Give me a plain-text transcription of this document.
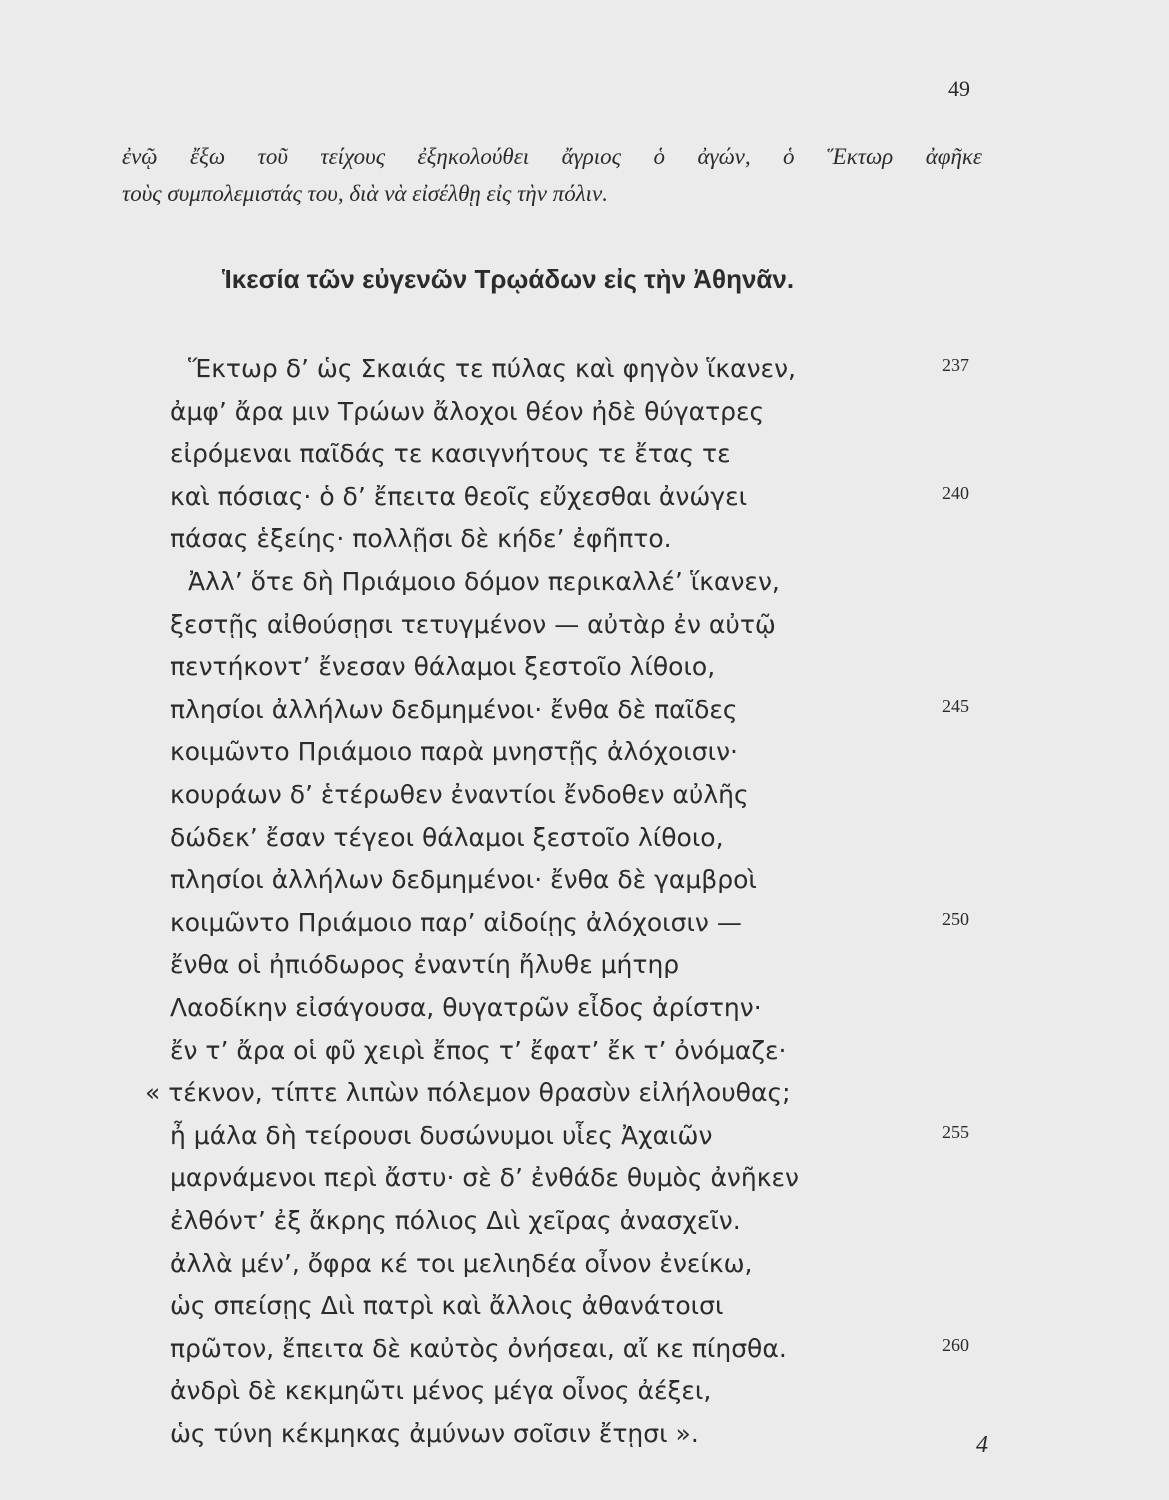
49
ἐνῷ ἔξω τοῦ τείχους ἐξηκολούθει ἄγριος ὁ ἀγών, ὁ Ἕκτωρ ἀφῆκε
τοὺς συμπολεμιστάς του, διὰ νὰ εἰσέλθῃ εἰς τὴν πόλιν.
Ἱκεσία τῶν εὐγενῶν Τρῳάδων εἰς τὴν Ἀθηνᾶν.
Ἕκτωρ δ’ ὡς Σκαιάς τε πύλας καὶ φηγὸν ἵκανεν,	237
ἀμφ’ ἄρα μιν Τρώων ἄλοχοι θέον ἠδὲ θύγατρες
εἰρόμεναι παῖδάς τε κασιγνήτους τε ἔτας τε
καὶ πόσιας· ὁ δ’ ἔπειτα θεοῖς εὔχεσθαι ἀνώγει	240
πάσας ἑξείης· πολλῇσι δὲ κήδε’ ἐφῆπτο.
Ἀλλ’ ὅτε δὴ Πριάμοιο δόμον περικαλλέ’ ἵκανεν,
ξεστῇς αἰθούσῃσι τετυγμένον — αὐτὰρ ἐν αὐτῷ
πεντήκοντ’ ἔνεσαν θάλαμοι ξεστοῖο λίθοιο,
πλησίοι ἀλλήλων δεδμημένοι· ἔνθα δὲ παῖδες	245
κοιμῶντο Πριάμοιο παρὰ μνηστῇς ἀλόχοισιν·
κουράων δ’ ἑτέρωθεν ἐναντίοι ἔνδοθεν αὐλῆς
δώδεκ’ ἔσαν τέγεοι θάλαμοι ξεστοῖο λίθοιο,
πλησίοι ἀλλήλων δεδμημένοι· ἔνθα δὲ γαμβροὶ
κοιμῶντο Πριάμοιο παρ’ αἰδοίῃς ἀλόχοισιν —	250
ἔνθα οἱ ἠπιόδωρος ἐναντίη ἤλυθε μήτηρ
Λαοδίκην εἰσάγουσα, θυγατρῶν εἶδος ἀρίστην·
ἔν τ’ ἄρα οἱ φῦ χειρὶ ἔπος τ’ ἔφατ’ ἔκ τ’ ὀνόμαζε·
« τέκνον, τίπτε λιπὼν πόλεμον θρασὺν εἰλήλουθας;
ἦ μάλα δὴ τείρουσι δυσώνυμοι υἷες Ἀχαιῶν	255
μαρνάμενοι περὶ ἄστυ· σὲ δ’ ἐνθάδε θυμὸς ἀνῆκεν
ἐλθόντ’ ἐξ ἄκρης πόλιος Διὶ χεῖρας ἀνασχεῖν.
ἀλλὰ μέν’, ὄφρα κέ τοι μελιηδέα οἶνον ἐνείκω,
ὡς σπείσῃς Διὶ πατρὶ καὶ ἄλλοις ἀθανάτοισι
πρῶτον, ἔπειτα δὲ καὐτὸς ὀνήσεαι, αἴ κε πίησθα.	260
ἀνδρὶ δὲ κεκμηῶτι μένος μέγα οἶνος ἀέξει,
ὡς τύνη κέκμηκας ἀμύνων σοῖσιν ἔτῃσι ».	4
